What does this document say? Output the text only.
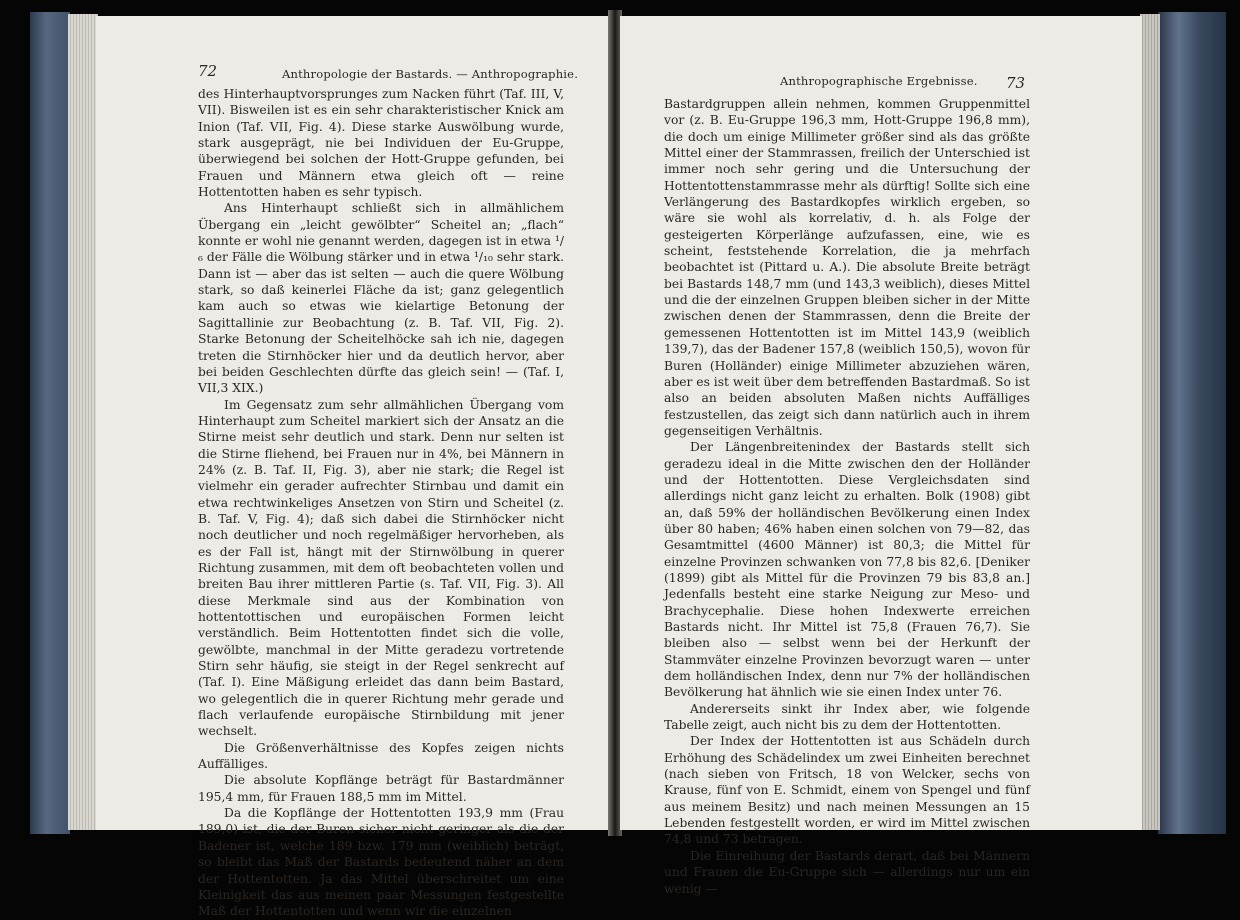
72	Anthropologie der Bastards. — Anthropographie.

des Hinterhauptvorsprunges zum Nacken führt (Taf. III, V, VII). Bisweilen ist es ein sehr charakteristischer Knick am Inion (Taf. VII, Fig. 4). Diese starke Auswölbung wurde, stark ausgeprägt, nie bei Individuen der Eu-Gruppe, überwiegend bei solchen der Hott-Gruppe gefunden, bei Frauen und Männern etwa gleich oft — reine Hottentotten haben es sehr typisch.

Ans Hinterhaupt schließt sich in allmählichem Übergang ein „leicht gewölbter“ Scheitel an; „flach“ konnte er wohl nie genannt werden, dagegen ist in etwa ¹/₆ der Fälle die Wölbung stärker und in etwa ¹/₁₀ sehr stark. Dann ist — aber das ist selten — auch die quere Wölbung stark, so daß keinerlei Fläche da ist; ganz gelegentlich kam auch so etwas wie kielartige Betonung der Sagittallinie zur Beobachtung (z. B. Taf. VII, Fig. 2). Starke Betonung der Scheitelhöcke sah ich nie, dagegen treten die Stirnhöcker hier und da deutlich hervor, aber bei beiden Geschlechten dürfte das gleich sein! — (Taf. I, VII,3 XIX.)

Im Gegensatz zum sehr allmählichen Übergang vom Hinterhaupt zum Scheitel markiert sich der Ansatz an die Stirne meist sehr deutlich und stark. Denn nur selten ist die Stirne fliehend, bei Frauen nur in 4%, bei Männern in 24% (z. B. Taf. II, Fig. 3), aber nie stark; die Regel ist vielmehr ein gerader aufrechter Stirnbau und damit ein etwa rechtwinkeliges Ansetzen von Stirn und Scheitel (z. B. Taf. V, Fig. 4); daß sich dabei die Stirnhöcker nicht noch deutlicher und noch regelmäßiger hervorheben, als es der Fall ist, hängt mit der Stirnwölbung in querer Richtung zusammen, mit dem oft beobachteten vollen und breiten Bau ihrer mittleren Partie (s. Taf. VII, Fig. 3). All diese Merkmale sind aus der Kombination von hottentottischen und europäischen Formen leicht verständlich. Beim Hottentotten findet sich die volle, gewölbte, manchmal in der Mitte geradezu vortretende Stirn sehr häufig, sie steigt in der Regel senkrecht auf (Taf. I). Eine Mäßigung erleidet das dann beim Bastard, wo gelegentlich die in querer Richtung mehr gerade und flach verlaufende europäische Stirnbildung mit jener wechselt.

Die Größenverhältnisse des Kopfes zeigen nichts Auffälliges.

Die absolute Kopflänge beträgt für Bastardmänner 195,4 mm, für Frauen 188,5 mm im Mittel.

Da die Kopflänge der Hottentotten 193,9 mm (Frau 189,0) ist, die der Buren sicher nicht geringer als die der Badener ist, welche 189 bzw. 179 mm (weiblich) beträgt, so bleibt das Maß der Bastards bedeutend näher an dem der Hottentotten. Ja das Mittel überschreitet um eine Kleinigkeit das aus meinen paar Messungen festgestellte Maß der Hottentotten und wenn wir die einzelnen

Anthropographische Ergebnisse. 73

Bastardgruppen allein nehmen, kommen Gruppenmittel vor (z. B. Eu-Gruppe 196,3 mm, Hott-Gruppe 196,8 mm), die doch um einige Millimeter größer sind als das größte Mittel einer der Stammrassen, freilich der Unterschied ist immer noch sehr gering und die Untersuchung der Hottentottenstammrasse mehr als dürftig! Sollte sich eine Verlängerung des Bastardkopfes wirklich ergeben, so wäre sie wohl als korrelativ, d. h. als Folge der gesteigerten Körperlänge aufzufassen, eine, wie es scheint, feststehende Korrelation, die ja mehrfach beobachtet ist (Pittard u. A.). Die absolute Breite beträgt bei Bastards 148,7 mm (und 143,3 weiblich), dieses Mittel und die der einzelnen Gruppen bleiben sicher in der Mitte zwischen denen der Stammrassen, denn die Breite der gemessenen Hottentotten ist im Mittel 143,9 (weiblich 139,7), das der Badener 157,8 (weiblich 150,5), wovon für Buren (Holländer) einige Millimeter abzuziehen wären, aber es ist weit über dem betreffenden Bastardmaß. So ist also an beiden absoluten Maßen nichts Auffälliges festzustellen, das zeigt sich dann natürlich auch in ihrem gegenseitigen Verhältnis.

Der Längenbreitenindex der Bastards stellt sich geradezu ideal in die Mitte zwischen den der Holländer und der Hottentotten. Diese Vergleichsdaten sind allerdings nicht ganz leicht zu erhalten. Bolk (1908) gibt an, daß 59% der holländischen Bevölkerung einen Index über 80 haben; 46% haben einen solchen von 79—82, das Gesamtmittel (4600 Männer) ist 80,3; die Mittel für einzelne Provinzen schwanken von 77,8 bis 82,6. [Deniker (1899) gibt als Mittel für die Provinzen 79 bis 83,8 an.] Jedenfalls besteht eine starke Neigung zur Meso- und Brachycephalie. Diese hohen Indexwerte erreichen Bastards nicht. Ihr Mittel ist 75,8 (Frauen 76,7). Sie bleiben also — selbst wenn bei der Herkunft der Stammväter einzelne Provinzen bevorzugt waren — unter dem holländischen Index, denn nur 7% der holländischen Bevölkerung hat ähnlich wie sie einen Index unter 76.

Andererseits sinkt ihr Index aber, wie folgende Tabelle zeigt, auch nicht bis zu dem der Hottentotten.

Der Index der Hottentotten ist aus Schädeln durch Erhöhung des Schädelindex um zwei Einheiten berechnet (nach sieben von Fritsch, 18 von Welcker, sechs von Krause, fünf von E. Schmidt, einem von Spengel und fünf aus meinem Besitz) und nach meinen Messungen an 15 Lebenden festgestellt worden, er wird im Mittel zwischen 74,8 und 73 betragen.

Die Einreihung der Bastards derart, daß bei Männern und Frauen die Eu-Gruppe sich — allerdings nur um ein wenig —
